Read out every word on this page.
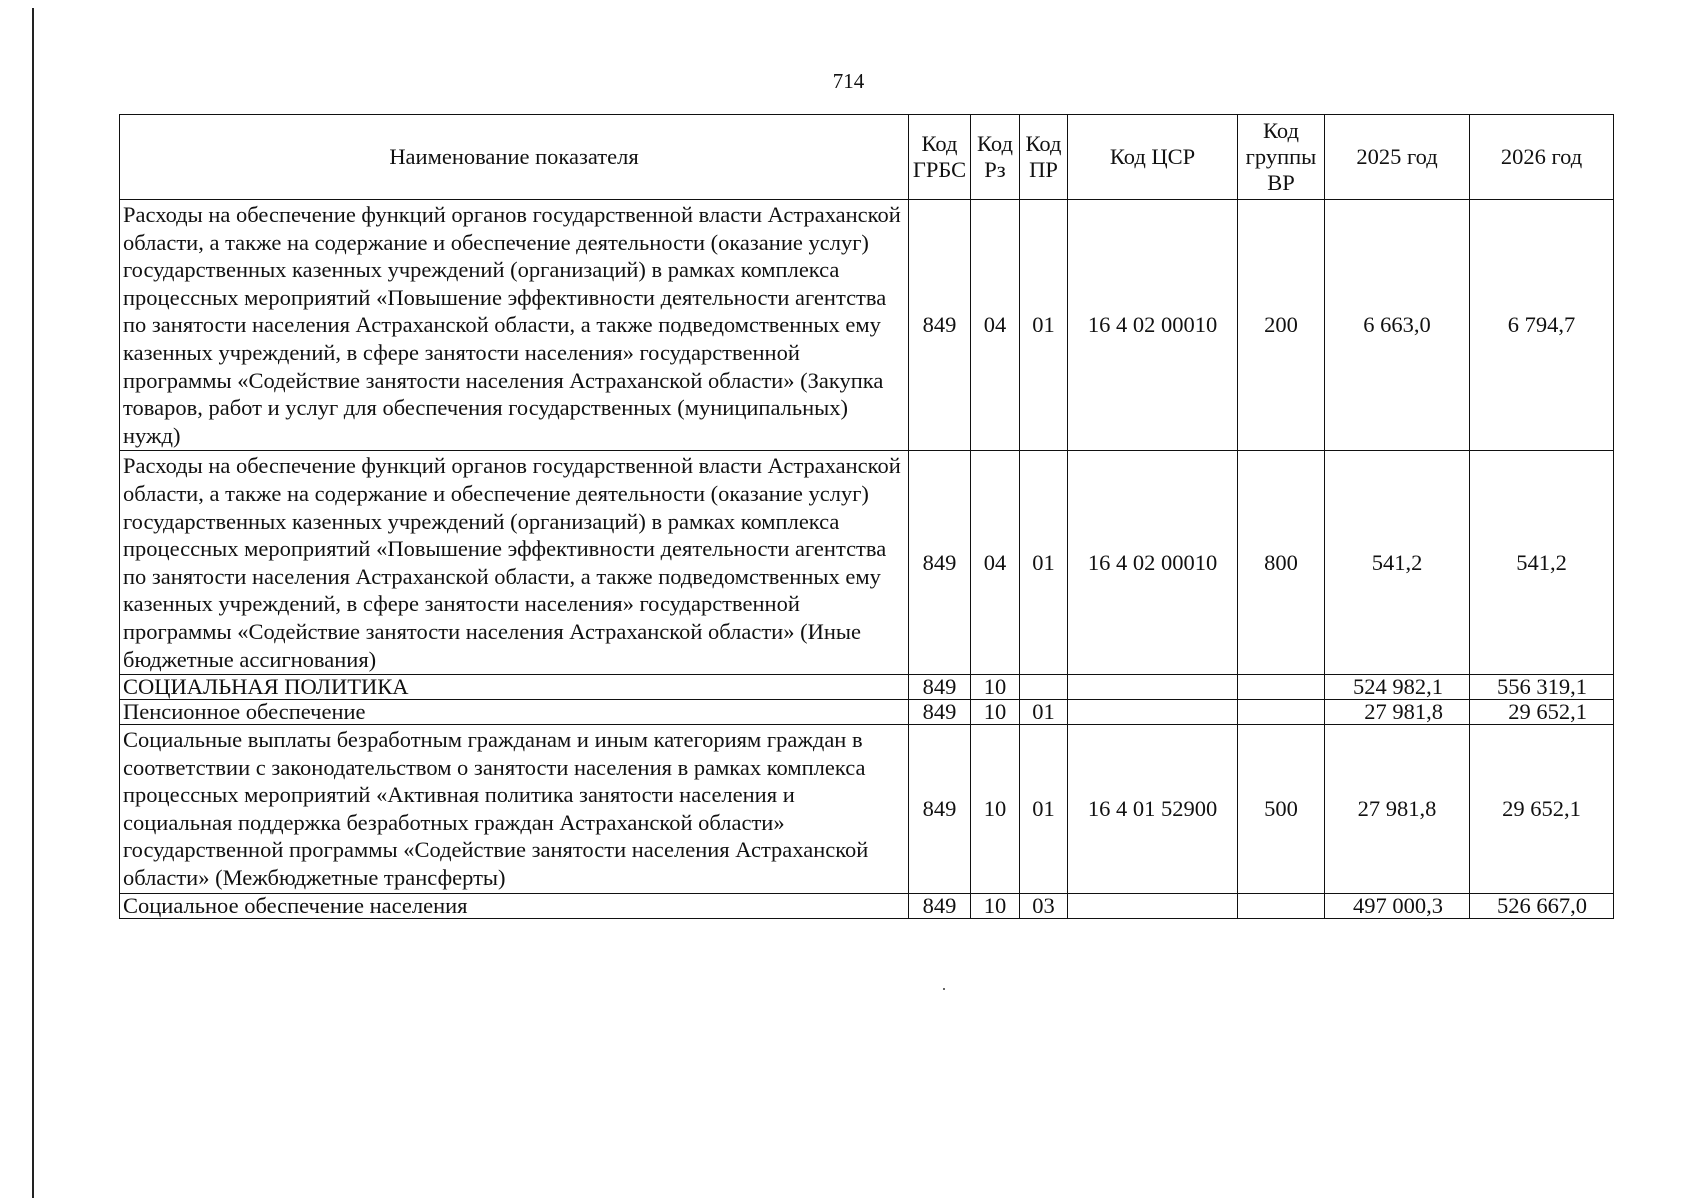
714
Наименование показателя	Код ГРБС	Код Рз	Код ПР	Код ЦСР	Код группы ВР	2025 год	2026 год
Расходы на обеспечение функций органов государственной власти Астраханской области, а также на содержание и обеспечение деятельности (оказание услуг) государственных казенных учреждений (организаций) в рамках комплекса процессных мероприятий «Повышение эффективности деятельности агентства по занятости населения Астраханской области, а также подведомственных ему казенных учреждений, в сфере занятости населения» государственной программы «Содействие занятости населения Астраханской области» (Закупка товаров, работ и услуг для обеспечения государственных (муниципальных) нужд)	849	04	01	16 4 02 00010	200	6 663,0	6 794,7
Расходы на обеспечение функций органов государственной власти Астраханской области, а также на содержание и обеспечение деятельности (оказание услуг) государственных казенных учреждений (организаций) в рамках комплекса процессных мероприятий «Повышение эффективности деятельности агентства по занятости населения Астраханской области, а также подведомственных ему казенных учреждений, в сфере занятости населения» государственной программы «Содействие занятости населения Астраханской области» (Иные бюджетные ассигнования)	849	04	01	16 4 02 00010	800	541,2	541,2
СОЦИАЛЬНАЯ ПОЛИТИКА	849	10				524 982,1	556 319,1
Пенсионное обеспечение	849	10	01			27 981,8	29 652,1
Социальные выплаты безработным гражданам и иным категориям граждан в соответствии с законодательством о занятости населения в рамках комплекса процессных мероприятий «Активная политика занятости населения и социальная поддержка безработных граждан Астраханской области» государственной программы «Содействие занятости населения Астраханской области» (Межбюджетные трансферты)	849	10	01	16 4 01 52900	500	27 981,8	29 652,1
Социальное обеспечение населения	849	10	03			497 000,3	526 667,0
